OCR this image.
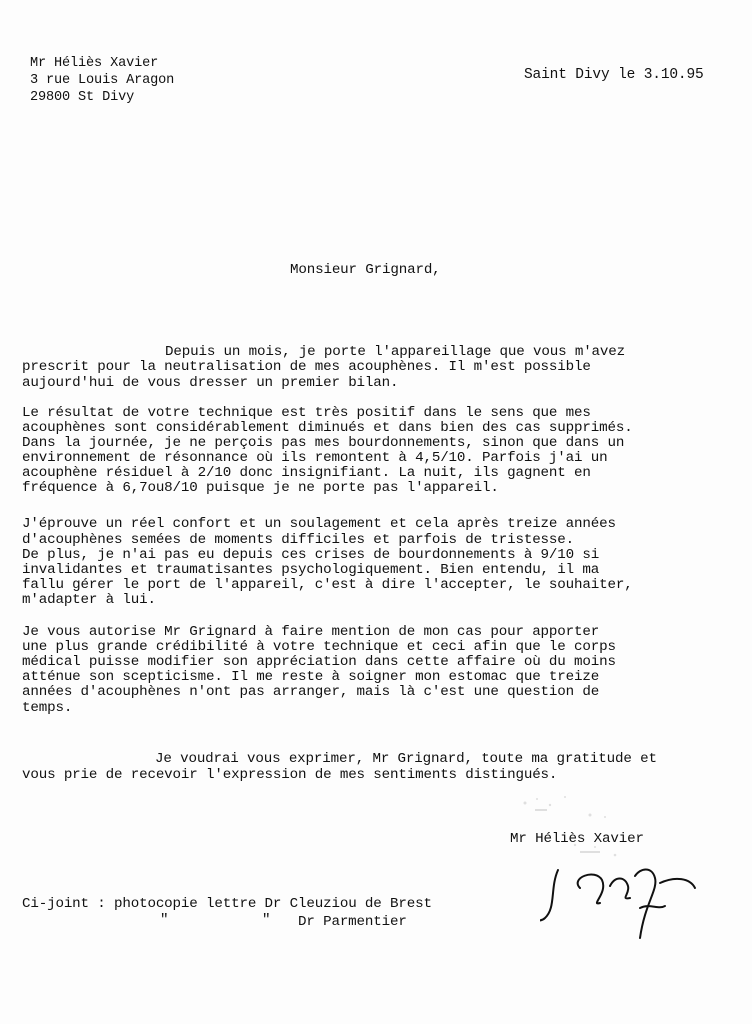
Mr Héliès Xavier
3 rue Louis Aragon
29800 St Divy
Saint Divy le 3.10.95
Monsieur Grignard,
Depuis un mois, je porte l'appareillage que vous m'avez
prescrit pour la neutralisation de mes acouphènes. Il m'est possible
aujourd'hui de vous dresser un premier bilan.
Le résultat de votre technique est très positif dans le sens que mes
acouphènes sont considérablement diminués et dans bien des cas supprimés.
Dans la journée, je ne perçois pas mes bourdonnements, sinon que dans un
environnement de résonnance où ils remontent à 4,5/10. Parfois j'ai un
acouphène résiduel à 2/10 donc insignifiant. La nuit, ils gagnent en
fréquence à 6,7ou8/10 puisque je ne porte pas l'appareil.
J'éprouve un réel confort et un soulagement et cela après treize années
d'acouphènes semées de moments difficiles et parfois de tristesse.
De plus, je n'ai pas eu depuis ces crises de bourdonnements à 9/10 si
invalidantes et traumatisantes psychologiquement. Bien entendu, il ma
fallu gérer le port de l'appareil, c'est à dire l'accepter, le souhaiter,
m'adapter à lui.
Je vous autorise Mr Grignard à faire mention de mon cas pour apporter
une plus grande crédibilité à votre technique et ceci afin que le corps
médical puisse modifier son appréciation dans cette affaire où du moins
atténue son scepticisme. Il me reste à soigner mon estomac que treize
années d'acouphènes n'ont pas arranger, mais là c'est une question de
temps.
Je voudrai vous exprimer, Mr Grignard, toute ma gratitude et
vous prie de recevoir l'expression de mes sentiments distingués.
Mr Héliès Xavier
Ci-joint : photocopie lettre Dr Cleuziou de Brest
"	" Dr Parmentier
